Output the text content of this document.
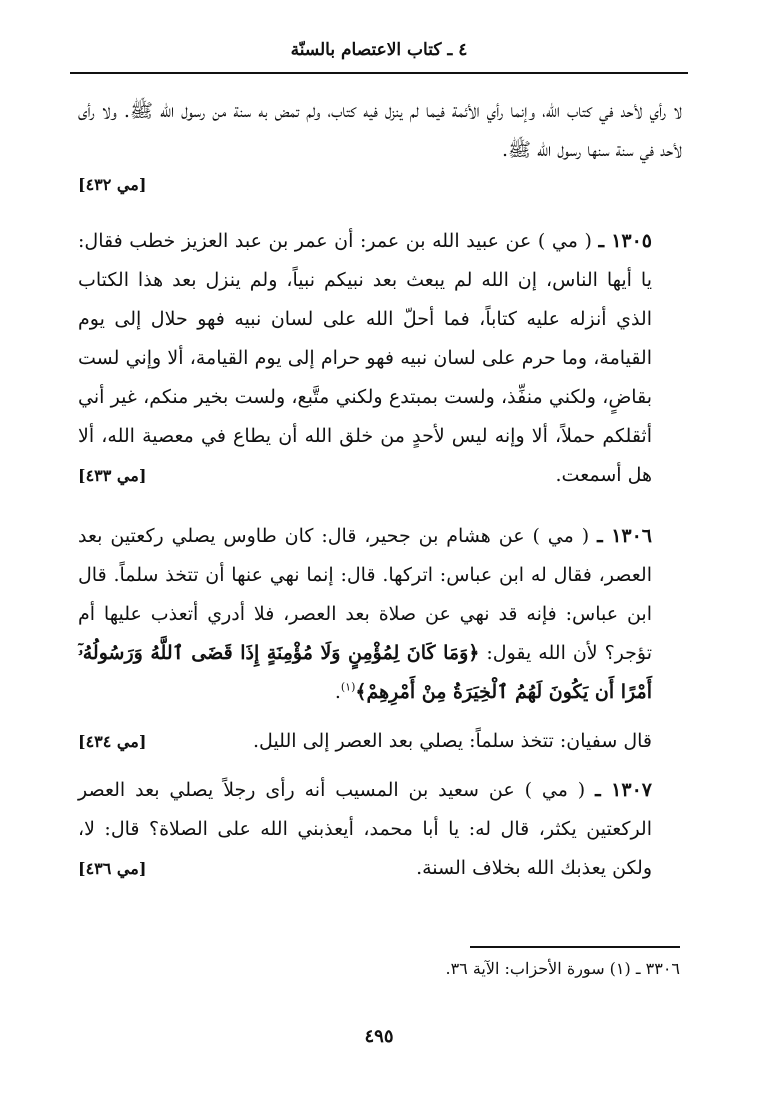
٤ ـ كتاب الاعتصام بالسنّة

لا رأي لأحد في كتاب الله، وإنما رأي الأئمة فيما لم ينزل فيه كتاب، ولم تمض به سنة من رسول الله ﷺ. ولا رأى لأحد في سنة سنها رسول الله ﷺ.

[مي ٤٣٢]

١٣٠٥ ـ ( مي ) عن عبيد الله بن عمر: أن عمر بن عبد العزيز خطب فقال: يا أيها الناس، إن الله لم يبعث بعد نبيكم نبياً، ولم ينزل بعد هذا الكتاب الذي أنزله عليه كتاباً، فما أحلّ الله على لسان نبيه فهو حلال إلى يوم القيامة، وما حرم على لسان نبيه فهو حرام إلى يوم القيامة، ألا وإني لست بقاضٍ، ولكني منفِّذ، ولست بمبتدع ولكني متَّبع، ولست بخير منكم، غير أني أثقلكم حملاً، ألا وإنه ليس لأحدٍ من خلق الله أن يطاع في معصية الله، ألا هل أسمعت.
[مي ٤٣٣]

١٣٠٦ ـ ( مي ) عن هشام بن جحير، قال: كان طاوس يصلي ركعتين بعد العصر، فقال له ابن عباس: اتركها. قال: إنما نهي عنها أن تتخذ سلماً. قال ابن عباس: فإنه قد نهي عن صلاة بعد العصر، فلا أدري أتعذب عليها أم تؤجر؟ لأن الله يقول: ﴿وَمَا كَانَ لِمُؤْمِنٍ وَلَا مُؤْمِنَةٍ إِذَا قَضَى ٱللَّهُ وَرَسُولُهُۥٓ أَمْرًا أَن يَكُونَ لَهُمُ ٱلْخِيَرَةُ مِنْ أَمْرِهِمْ﴾$^{(١)}$.

قال سفيان: تتخذ سلماً: يصلي بعد العصر إلى الليل.
[مي ٤٣٤]

١٣٠٧ ـ ( مي ) عن سعيد بن المسيب أنه رأى رجلاً يصلي بعد العصر الركعتين يكثر، قال له: يا أبا محمد، أيعذبني الله على الصلاة؟ قال: لا، ولكن يعذبك الله بخلاف السنة.
[مي ٤٣٦]

٣٣٠٦ ـ (١) سورة الأحزاب: الآية ٣٦.
٤٩٥
